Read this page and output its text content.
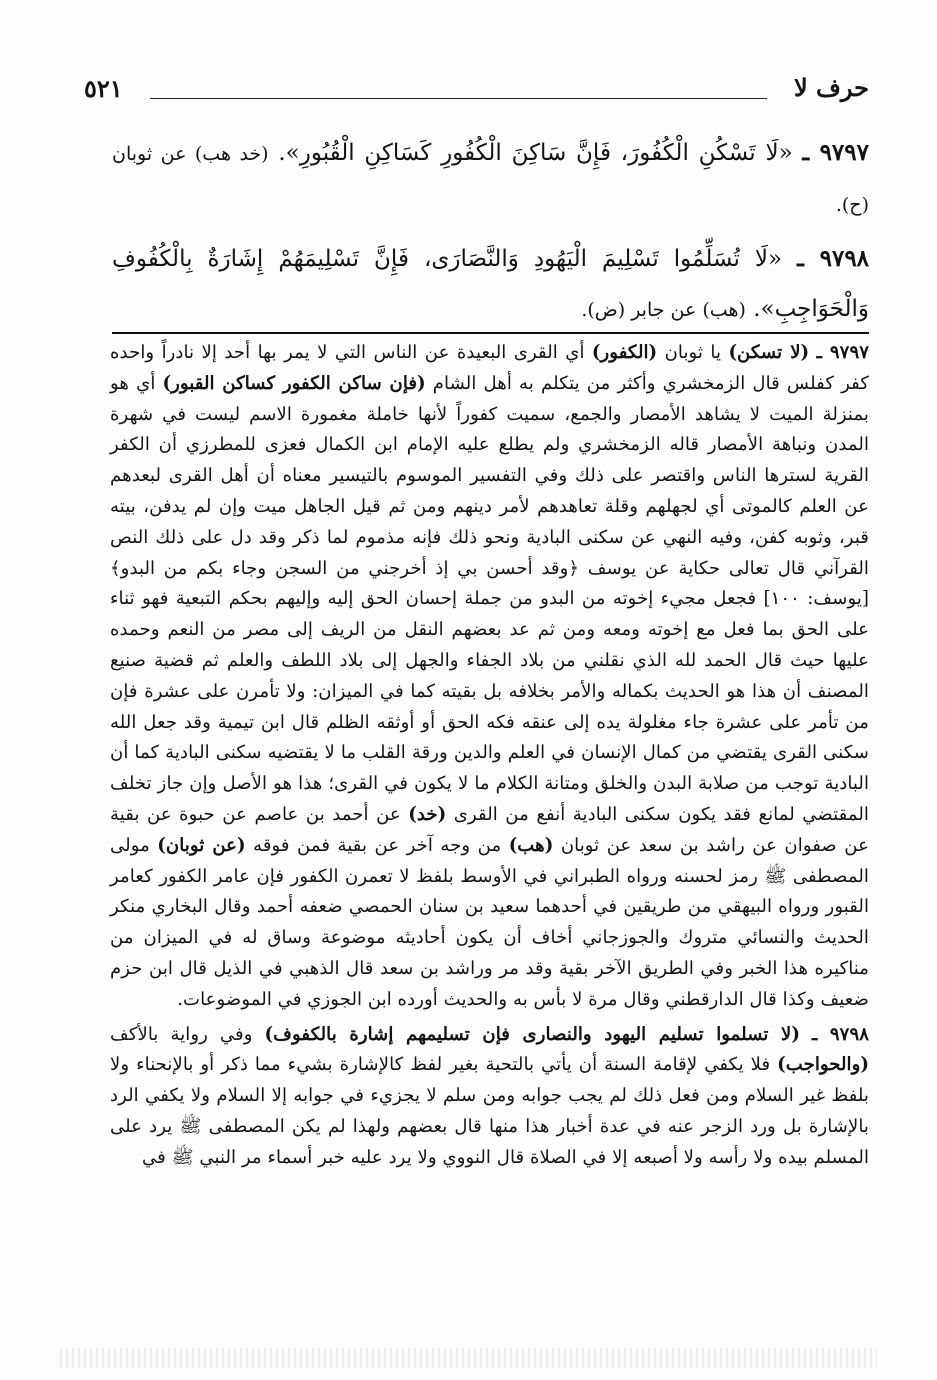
حرف لا
٥٢١
٩٧٩٧ ـ «لَا تَسْكُنِ الْكُفُورَ، فَإِنَّ سَاكِنَ الْكُفُورِ كَسَاكِنِ الْقُبُورِ». (خد هب) عن ثوبان (ح).
٩٧٩٨ ـ «لَا تُسَلِّمُوا تَسْلِيمَ الْيَهُودِ وَالنَّصَارَى، فَإِنَّ تَسْلِيمَهُمْ إِشَارَةٌ بِالْكُفُوفِ وَالْحَوَاجِبِ». (هب) عن جابر (ض).

٩٧٩٧ ـ (لا تسكن) يا ثوبان (الكفور) أي القرى البعيدة عن الناس التي لا يمر بها أحد إلا نادراً واحده كفر كفلس قال الزمخشري وأكثر من يتكلم به أهل الشام (فإن ساكن الكفور كساكن القبور) أي هو بمنزلة الميت لا يشاهد الأمصار والجمع، سميت كفوراً لأنها خاملة مغمورة الاسم ليست في شهرة المدن ونباهة الأمصار قاله الزمخشري ولم يطلع عليه الإمام ابن الكمال فعزى للمطرزي أن الكفر القرية لسترها الناس واقتصر على ذلك وفي التفسير الموسوم بالتيسير معناه أن أهل القرى لبعدهم عن العلم كالموتى أي لجهلهم وقلة تعاهدهم لأمر دينهم ومن ثم قيل الجاهل ميت وإن لم يدفن، بيته قبر، وثوبه كفن، وفيه النهي عن سكنى البادية ونحو ذلك فإنه مذموم لما ذكر وقد دل على ذلك النص القرآني قال تعالى حكاية عن يوسف ﴿وقد أحسن بي إذ أخرجني من السجن وجاء بكم من البدو﴾ [يوسف: ١٠٠] فجعل مجيء إخوته من البدو من جملة إحسان الحق إليه وإليهم بحكم التبعية فهو ثناء على الحق بما فعل مع إخوته ومعه ومن ثم عد بعضهم النقل من الريف إلى مصر من النعم وحمده عليها حيث قال الحمد لله الذي نقلني من بلاد الجفاء والجهل إلى بلاد اللطف والعلم ثم قضية صنيع المصنف أن هذا هو الحديث بكماله والأمر بخلافه بل بقيته كما في الميزان: ولا تأمرن على عشرة فإن من تأمر على عشرة جاء مغلولة يده إلى عنقه فكه الحق أو أوثقه الظلم قال ابن تيمية وقد جعل الله سكنى القرى يقتضي من كمال الإنسان في العلم والدين ورقة القلب ما لا يقتضيه سكنى البادية كما أن البادية توجب من صلابة البدن والخلق ومتانة الكلام ما لا يكون في القرى؛ هذا هو الأصل وإن جاز تخلف المقتضي لمانع فقد يكون سكنى البادية أنفع من القرى (خد) عن أحمد بن عاصم عن حبوة عن بقية عن صفوان عن راشد بن سعد عن ثوبان (هب) من وجه آخر عن بقية فمن فوقه (عن ثوبان) مولى المصطفى ﷺ رمز لحسنه ورواه الطبراني في الأوسط بلفظ لا تعمرن الكفور فإن عامر الكفور كعامر القبور ورواه البيهقي من طريقين في أحدهما سعيد بن سنان الحمصي ضعفه أحمد وقال البخاري منكر الحديث والنسائي متروك والجوزجاني أخاف أن يكون أحاديثه موضوعة وساق له في الميزان من مناكيره هذا الخبر وفي الطريق الآخر بقية وقد مر وراشد بن سعد قال الذهبي في الذيل قال ابن حزم ضعيف وكذا قال الدارقطني وقال مرة لا بأس به والحديث أورده ابن الجوزي في الموضوعات.

٩٧٩٨ ـ (لا تسلموا تسليم اليهود والنصارى فإن تسليمهم إشارة بالكفوف) وفي رواية بالأكف (والحواجب) فلا يكفي لإقامة السنة أن يأتي بالتحية بغير لفظ كالإشارة بشيء مما ذكر أو بالإنحناء ولا بلفظ غير السلام ومن فعل ذلك لم يجب جوابه ومن سلم لا يجزيء في جوابه إلا السلام ولا يكفي الرد بالإشارة بل ورد الزجر عنه في عدة أخبار هذا منها قال بعضهم ولهذا لم يكن المصطفى ﷺ يرد على المسلم بيده ولا رأسه ولا أصبعه إلا في الصلاة قال النووي ولا يرد عليه خبر أسماء مر النبي ﷺ في
